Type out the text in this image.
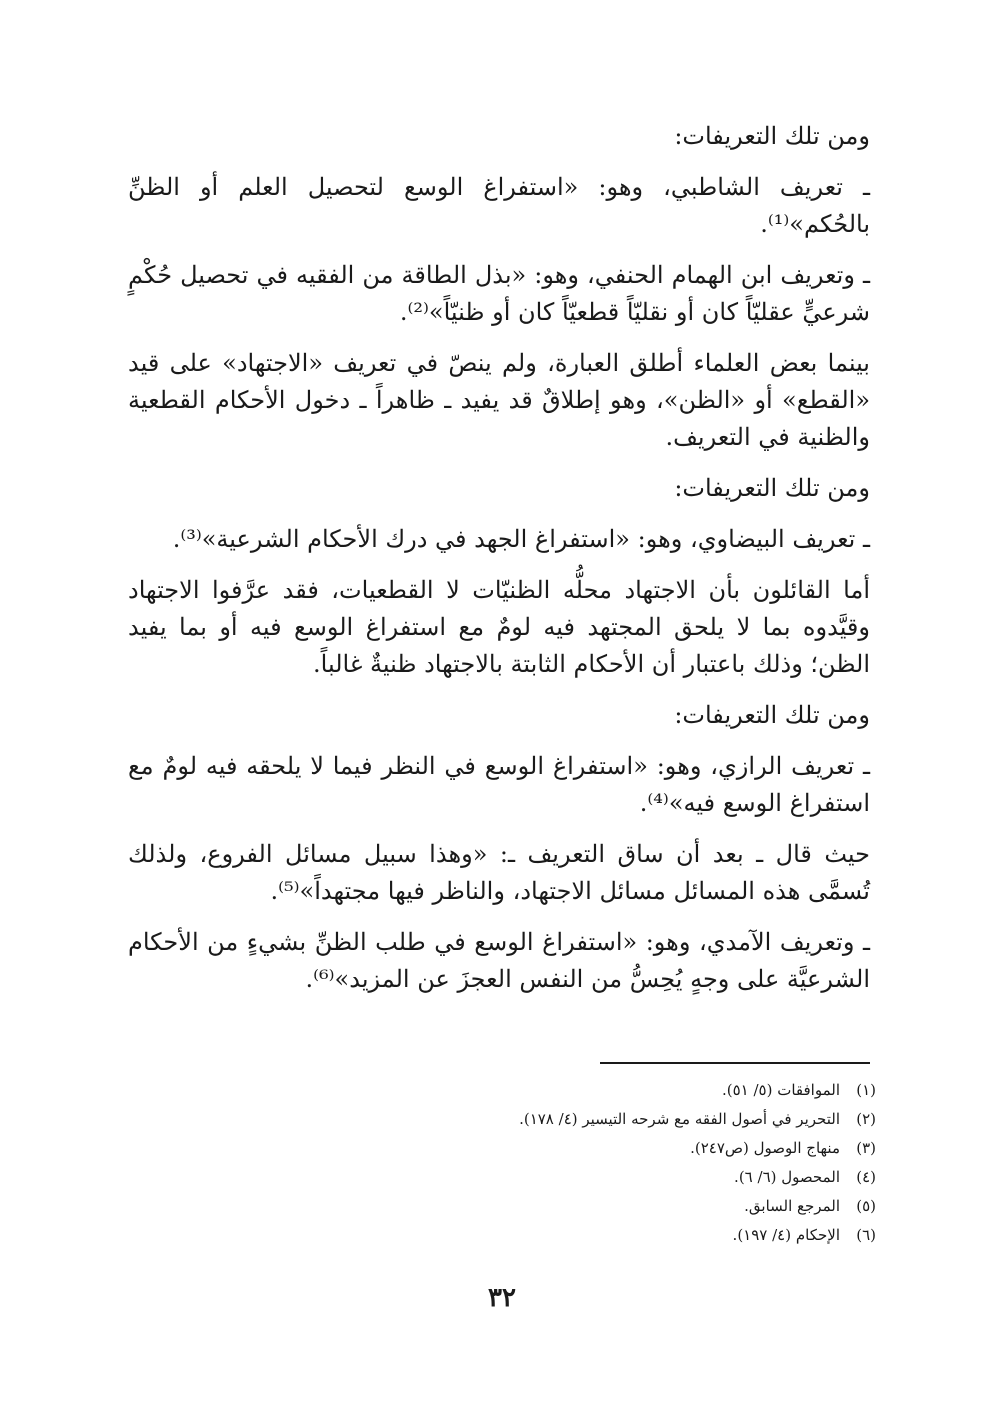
ومن تلك التعريفات:

ـ تعريف الشاطبي، وهو: «استفراغ الوسع لتحصيل العلم أو الظنِّ بالحُكم»⁽¹⁾.

ـ وتعريف ابن الهمام الحنفي، وهو: «بذل الطاقة من الفقيه في تحصيل حُكْمٍ شرعيٍّ عقليّاً كان أو نقليّاً قطعيّاً كان أو ظنيّاً»⁽²⁾.

بينما بعض العلماء أطلق العبارة، ولم ينصّ في تعريف «الاجتهاد» على قيد «القطع» أو «الظن»، وهو إطلاقٌ قد يفيد ـ ظاهراً ـ دخول الأحكام القطعية والظنية في التعريف.

ومن تلك التعريفات:

ـ تعريف البيضاوي، وهو: «استفراغ الجهد في درك الأحكام الشرعية»⁽³⁾.

أما القائلون بأن الاجتهاد محلُّه الظنيّات لا القطعيات، فقد عرَّفوا الاجتهاد وقيَّدوه بما لا يلحق المجتهد فيه لومٌ مع استفراغ الوسع فيه أو بما يفيد الظن؛ وذلك باعتبار أن الأحكام الثابتة بالاجتهاد ظنيةٌ غالباً.

ومن تلك التعريفات:

ـ تعريف الرازي، وهو: «استفراغ الوسع في النظر فيما لا يلحقه فيه لومٌ مع استفراغ الوسع فيه»⁽⁴⁾.

حيث قال ـ بعد أن ساق التعريف ـ: «وهذا سبيل مسائل الفروع، ولذلك تُسمَّى هذه المسائل مسائل الاجتهاد، والناظر فيها مجتهداً»⁽⁵⁾.

ـ وتعريف الآمدي، وهو: «استفراغ الوسع في طلب الظنِّ بشيءٍ من الأحكام الشرعيَّة على وجهٍ يُحِسُّ من النفس العجزَ عن المزيد»⁽⁶⁾.

(١)
الموافقات (٥/ ٥١).
(٢)
التحرير في أصول الفقه مع شرحه التيسير (٤/ ١٧٨).
(٣)
منهاج الوصول (ص٢٤٧).
(٤)
المحصول (٦/ ٦).
(٥)
المرجع السابق.
(٦)
الإحكام (٤/ ١٩٧).
٣٢
